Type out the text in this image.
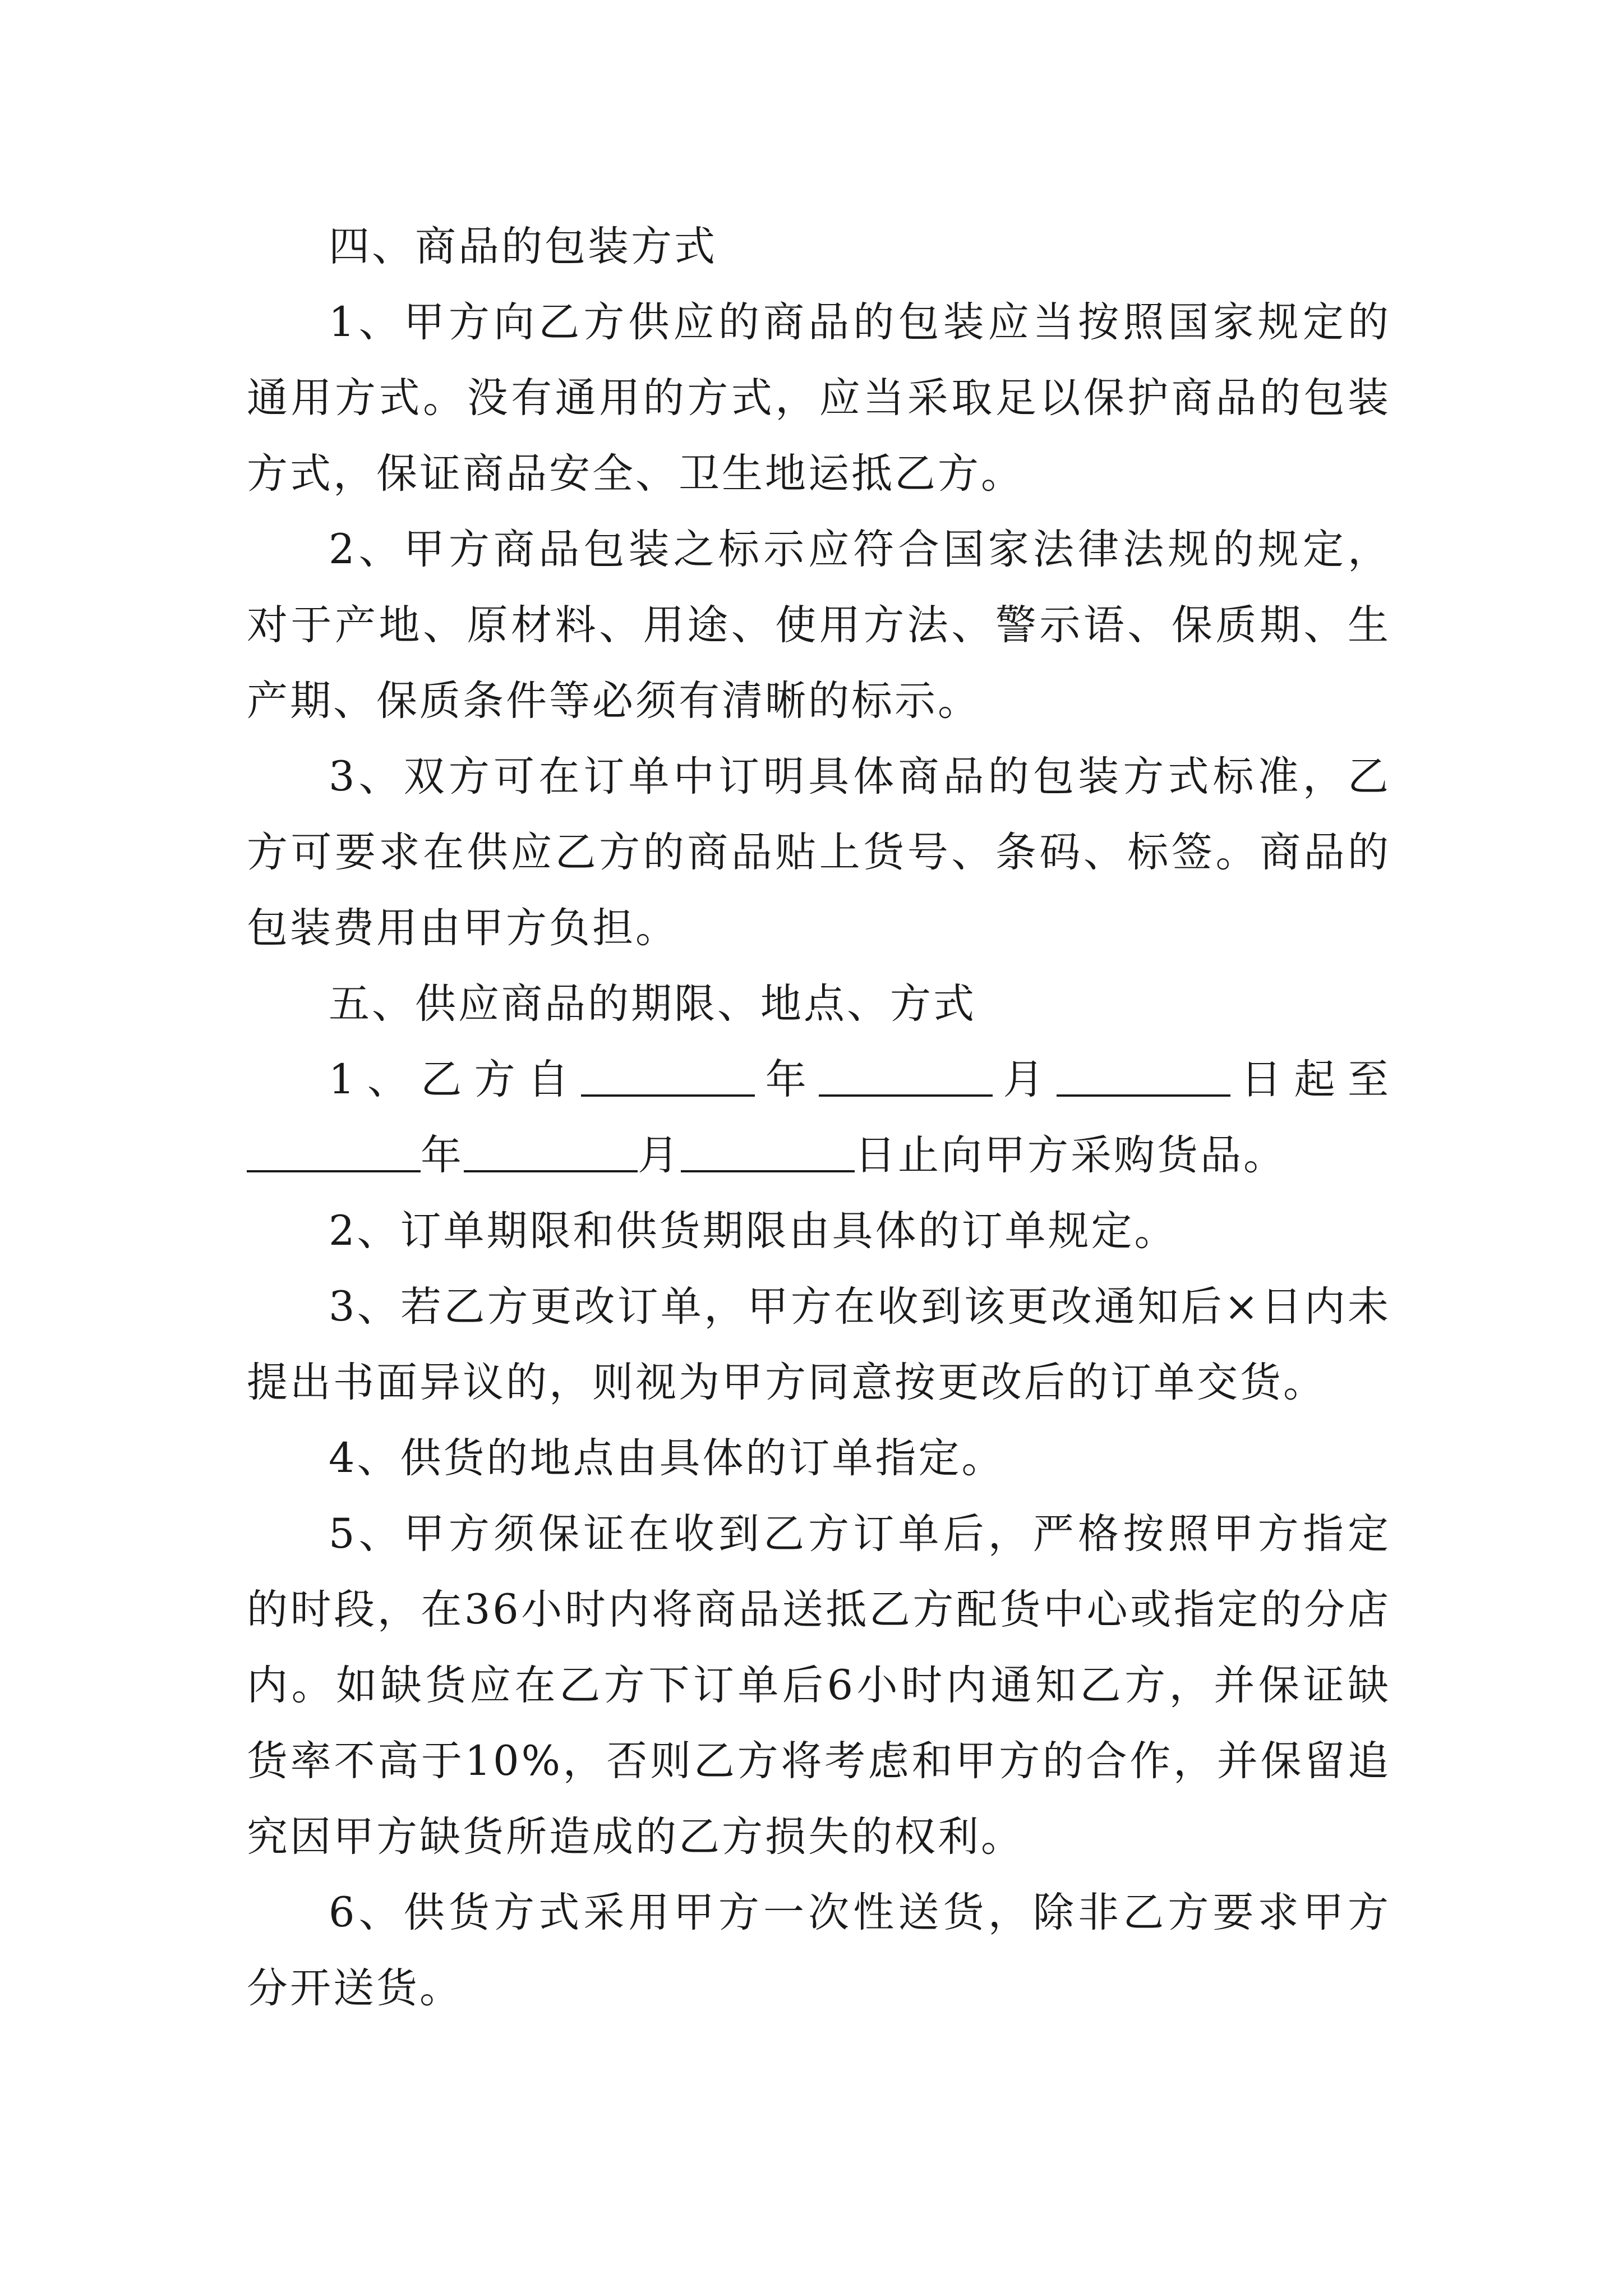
四、商品的包装方式

1、甲方向乙方供应的商品的包装应当按照国家规定的通用方式。没有通用的方式，应当采取足以保护商品的包装方式，保证商品安全、卫生地运抵乙方。

2、甲方商品包装之标示应符合国家法律法规的规定，对于产地、原材料、用途、使用方法、警示语、保质期、生产期、保质条件等必须有清晰的标示。

3、双方可在订单中订明具体商品的包装方式标准，乙方可要求在供应乙方的商品贴上货号、条码、标签。商品的包装费用由甲方负担。

五、供应商品的期限、地点、方式

1、乙方自	年	月	日起至

年	月	日止向甲方采购货品。

2、订单期限和供货期限由具体的订单规定。

3、若乙方更改订单，甲方在收到该更改通知后×日内未提出书面异议的，则视为甲方同意按更改后的订单交货。

4、供货的地点由具体的订单指定。

5、甲方须保证在收到乙方订单后，严格按照甲方指定的时段，在36小时内将商品送抵乙方配货中心或指定的分店内。如缺货应在乙方下订单后6小时内通知乙方，并保证缺货率不高于10%，否则乙方将考虑和甲方的合作，并保留追究因甲方缺货所造成的乙方损失的权利。

6、供货方式采用甲方一次性送货，除非乙方要求甲方分开送货。
